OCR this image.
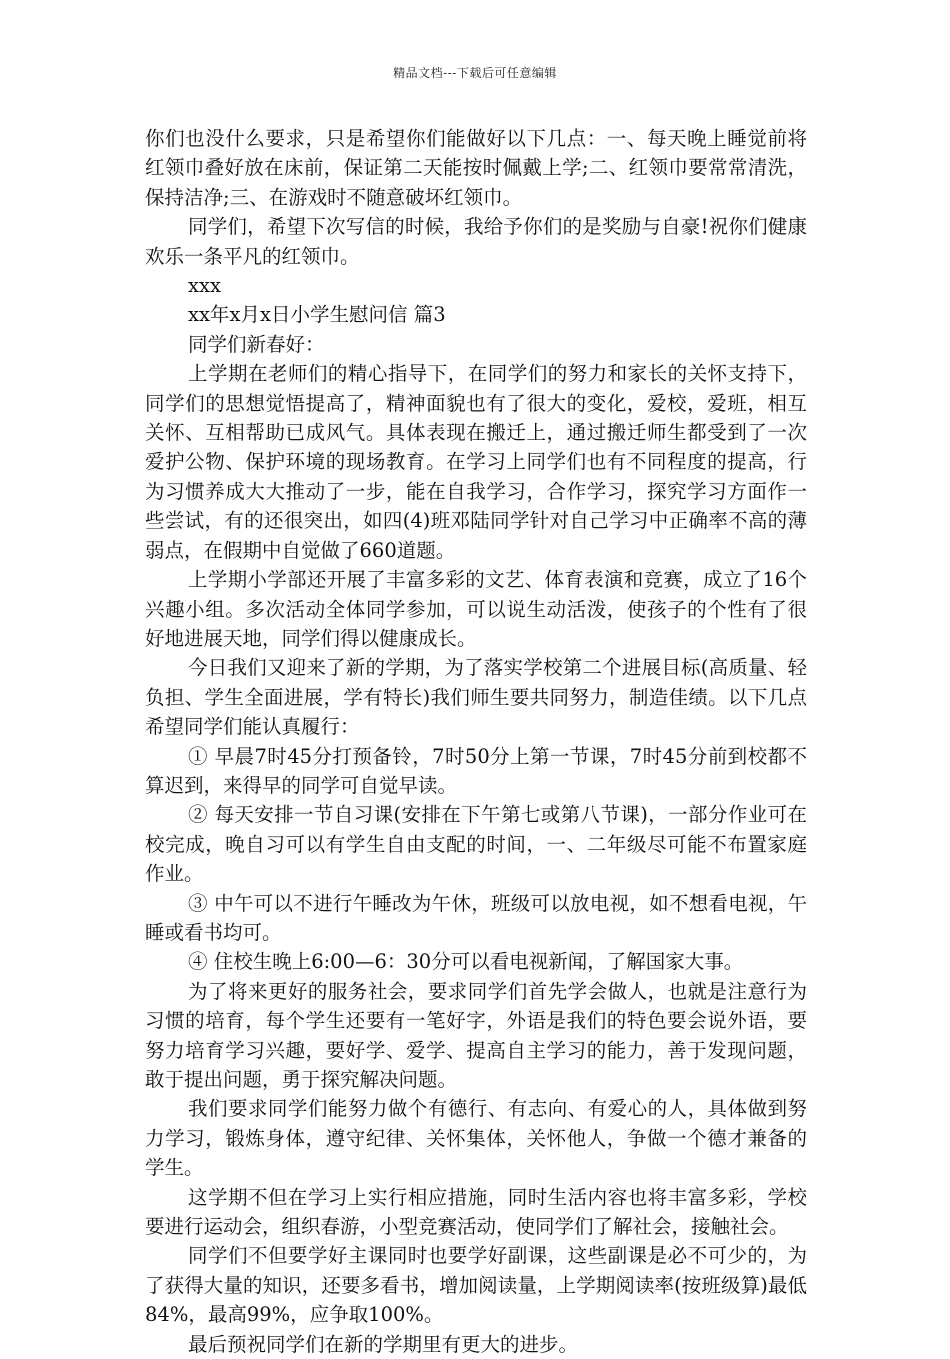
精品文档---下载后可任意编辑

你们也没什么要求，只是希望你们能做好以下几点：一、每天晚上睡觉前将红领巾叠好放在床前，保证第二天能按时佩戴上学;二、红领巾要常常清洗，保持洁净;三、在游戏时不随意破坏红领巾。

同学们，希望下次写信的时候，我给予你们的是奖励与自豪!祝你们健康欢乐一条平凡的红领巾。

xxx

xx年x月x日小学生慰问信 篇3

同学们新春好：

上学期在老师们的精心指导下，在同学们的努力和家长的关怀支持下，同学们的思想觉悟提高了，精神面貌也有了很大的变化，爱校，爱班，相互关怀、互相帮助已成风气。具体表现在搬迁上，通过搬迁师生都受到了一次爱护公物、保护环境的现场教育。在学习上同学们也有不同程度的提高，行为习惯养成大大推动了一步，能在自我学习，合作学习，探究学习方面作一些尝试，有的还很突出，如四(4)班邓陆同学针对自己学习中正确率不高的薄弱点，在假期中自觉做了660道题。

上学期小学部还开展了丰富多彩的文艺、体育表演和竞赛，成立了16个兴趣小组。多次活动全体同学参加，可以说生动活泼，使孩子的个性有了很好地进展天地，同学们得以健康成长。

今日我们又迎来了新的学期，为了落实学校第二个进展目标(高质量、轻负担、学生全面进展，学有特长)我们师生要共同努力，制造佳绩。以下几点希望同学们能认真履行：

① 早晨7时45分打预备铃，7时50分上第一节课，7时45分前到校都不算迟到，来得早的同学可自觉早读。

② 每天安排一节自习课(安排在下午第七或第八节课)，一部分作业可在校完成，晚自习可以有学生自由支配的时间，一、二年级尽可能不布置家庭作业。

③ 中午可以不进行午睡改为午休，班级可以放电视，如不想看电视，午睡或看书均可。

④ 住校生晚上6:00—6：30分可以看电视新闻，了解国家大事。

为了将来更好的服务社会，要求同学们首先学会做人，也就是注意行为习惯的培育，每个学生还要有一笔好字，外语是我们的特色要会说外语，要努力培育学习兴趣，要好学、爱学、提高自主学习的能力，善于发现问题，敢于提出问题，勇于探究解决问题。

我们要求同学们能努力做个有德行、有志向、有爱心的人，具体做到努力学习，锻炼身体，遵守纪律、关怀集体，关怀他人，争做一个德才兼备的学生。

这学期不但在学习上实行相应措施，同时生活内容也将丰富多彩，学校要进行运动会，组织春游，小型竞赛活动，使同学们了解社会，接触社会。

同学们不但要学好主课同时也要学好副课，这些副课是必不可少的，为了获得大量的知识，还要多看书，增加阅读量，上学期阅读率(按班级算)最低84%，最高99%，应争取100%。

最后预祝同学们在新的学期里有更大的进步。
